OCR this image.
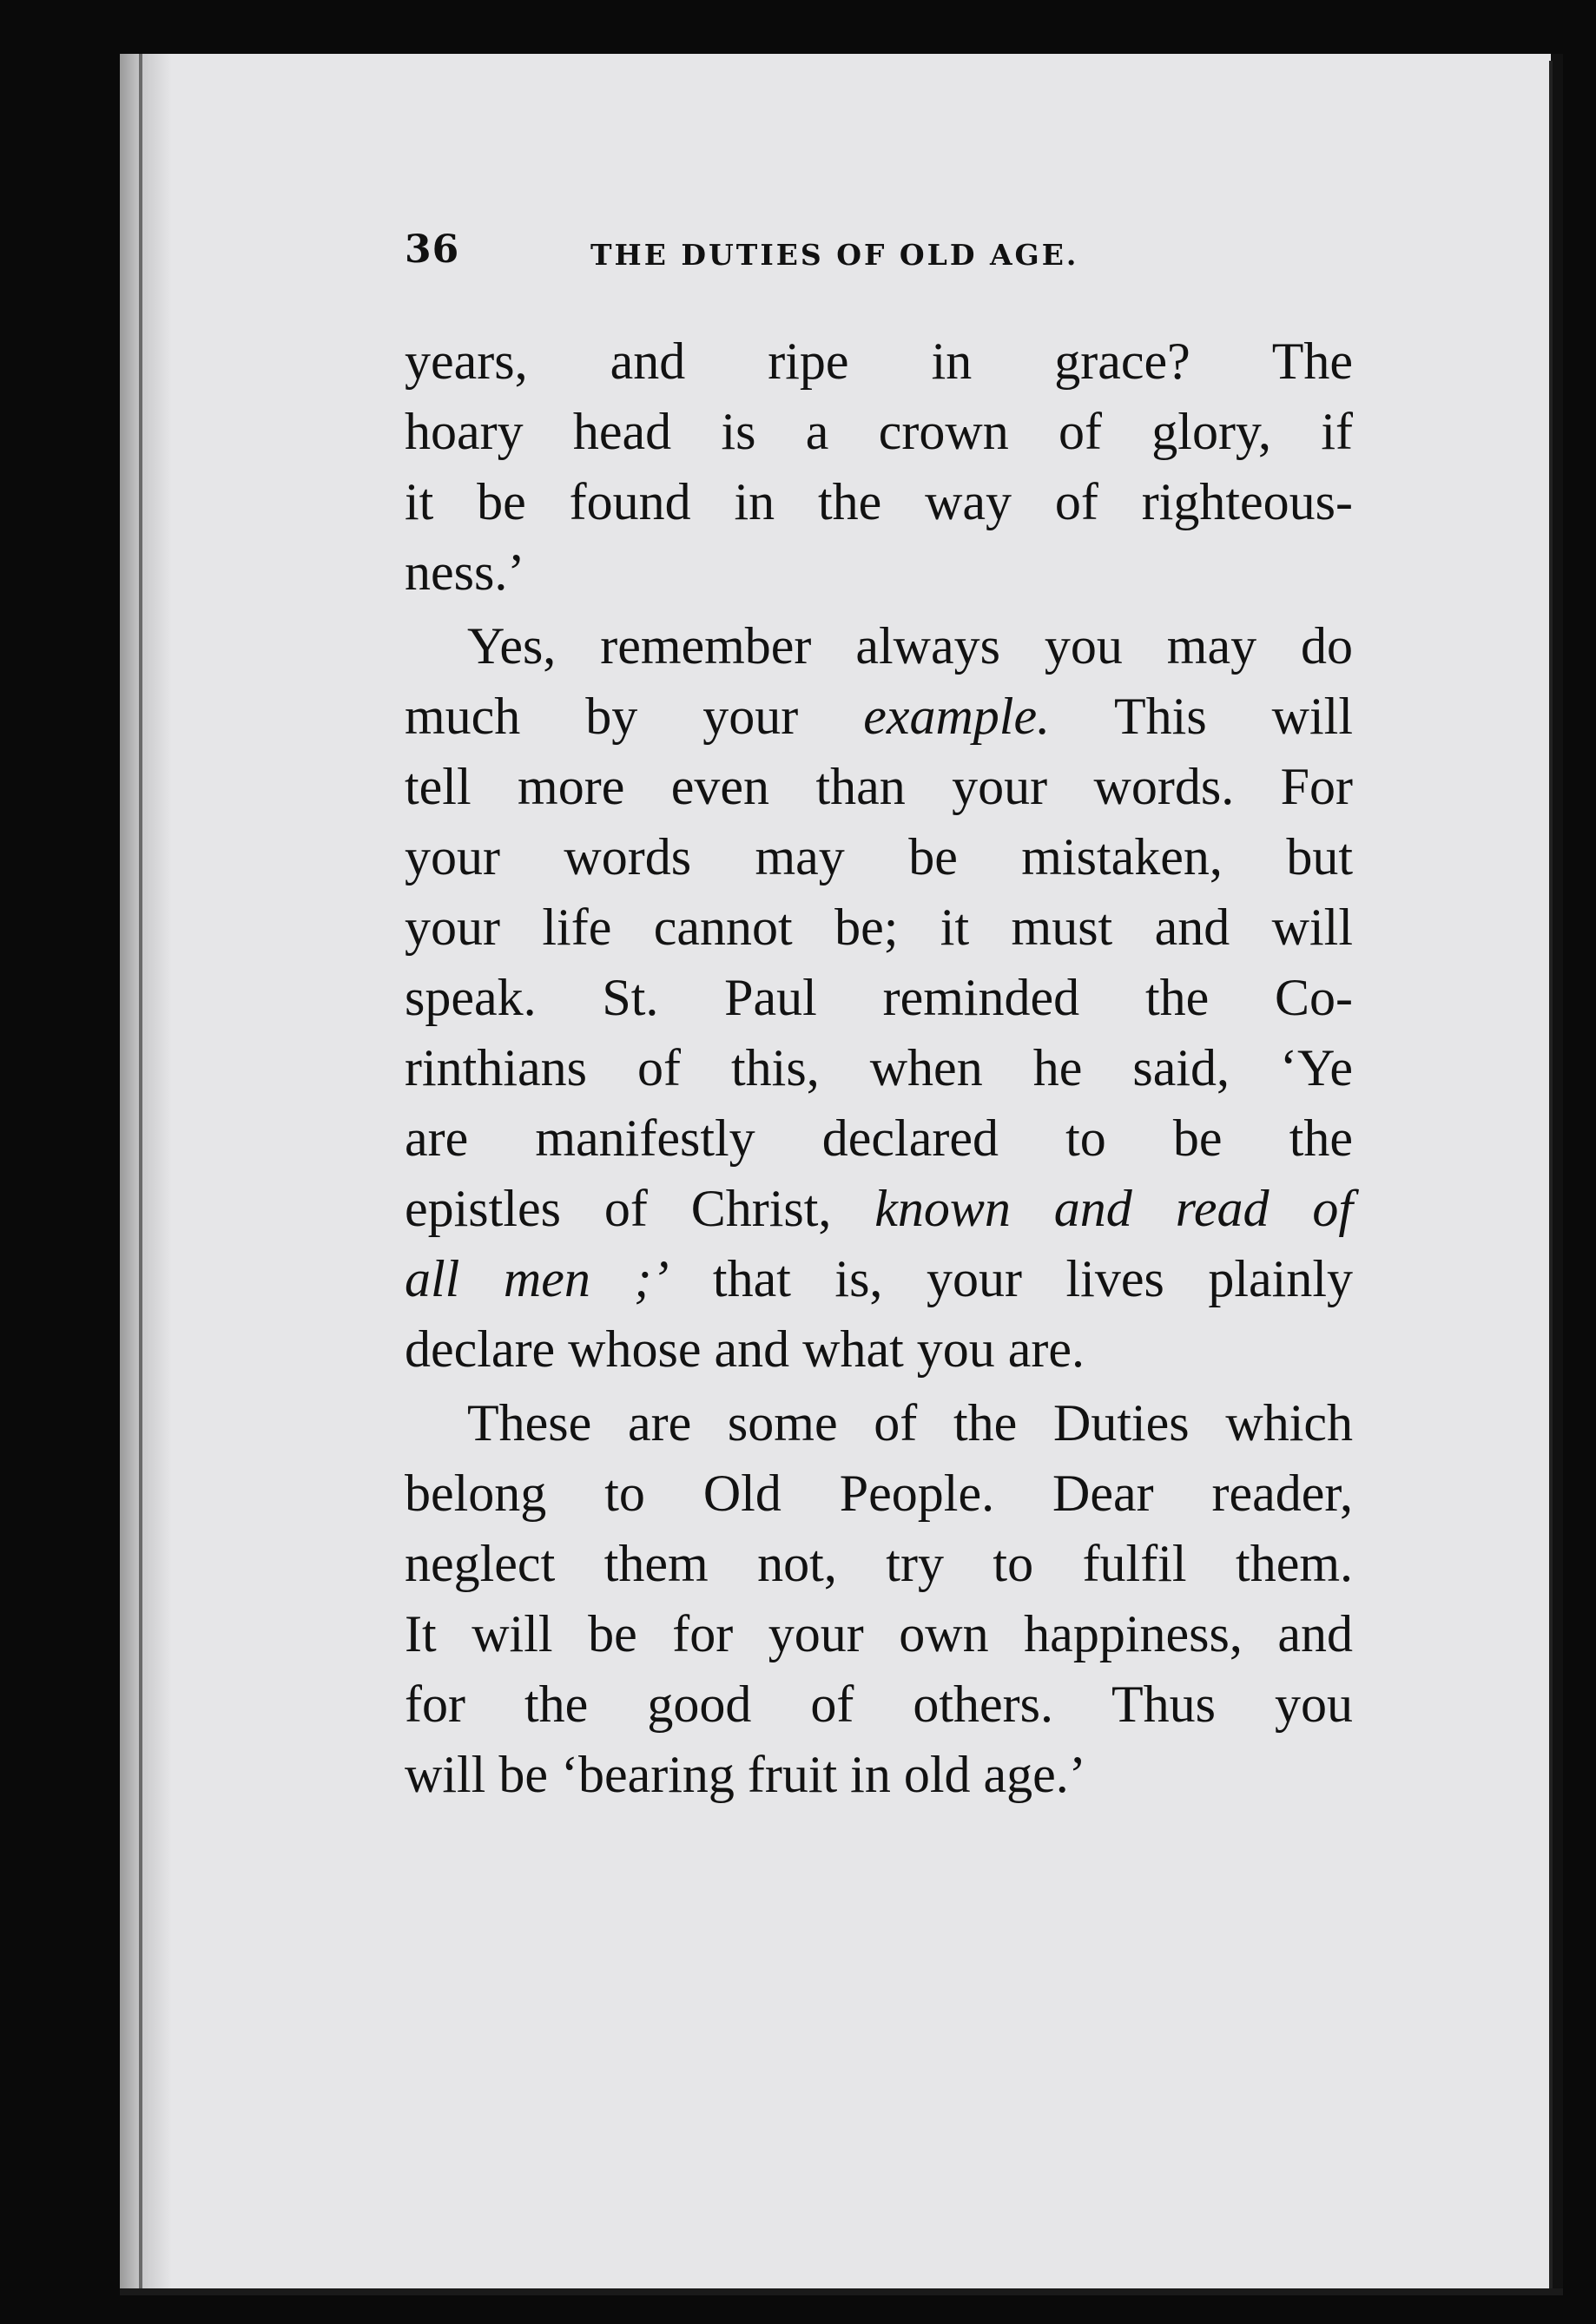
36	THE DUTIES OF OLD AGE.
years, and ripe in grace? The
hoary head is a crown of glory, if
it be found in the way of righteous-
ness.’
Yes, remember always you may do
much by your example. This will
tell more even than your words. For
your words may be mistaken, but
your life cannot be; it must and will
speak. St. Paul reminded the Co-
rinthians of this, when he said, ‘Ye
are manifestly declared to be the
epistles of Christ, known and read of
all men ;’ that is, your lives plainly
declare whose and what you are.
These are some of the Duties which
belong to Old People. Dear reader,
neglect them not, try to fulfil them.
It will be for your own happiness, and
for the good of others. Thus you
will be ‘bearing fruit in old age.’
